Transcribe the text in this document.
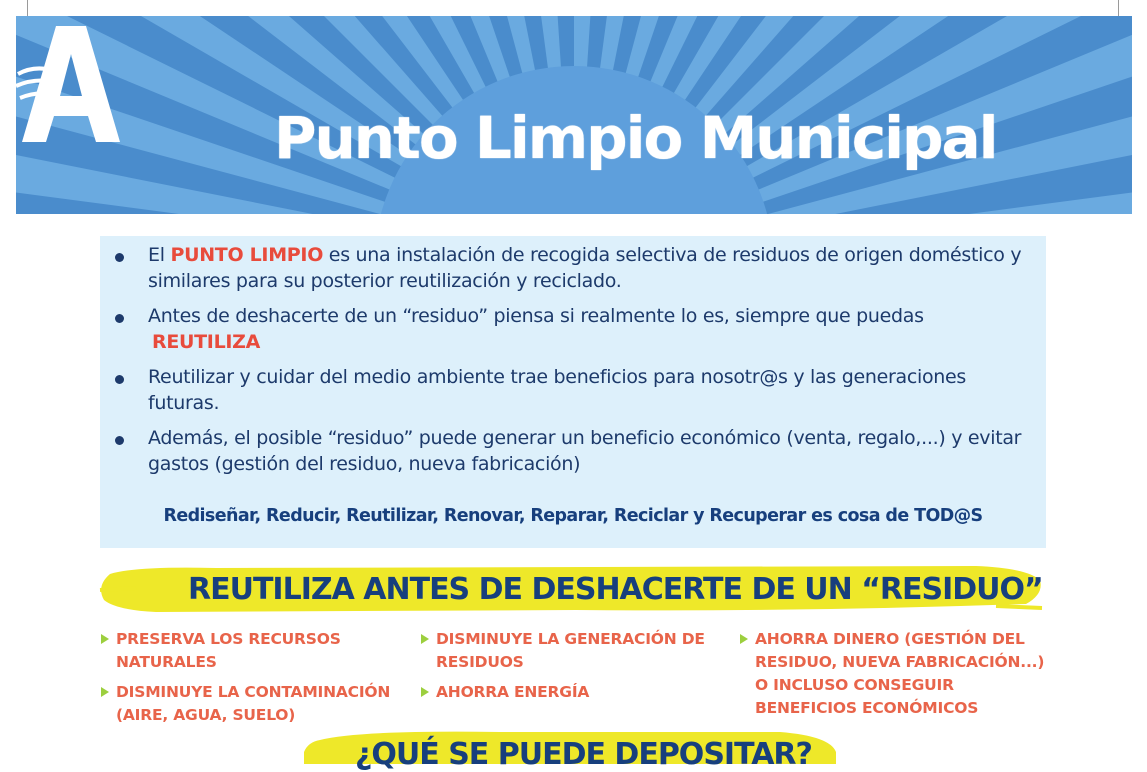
Punto Limpio Municipal
El PUNTO LIMPIO es una instalación de recogida selectiva de residuos de origen doméstico y similares para su posterior reutilización y reciclado.
Antes de deshacerte de un “residuo” piensa si realmente lo es, siempre que puedas REUTILIZA
Reutilizar y cuidar del medio ambiente trae beneficios para nosotr@s y las generaciones futuras.
Además, el posible “residuo” puede generar un beneficio económico (venta, regalo,...) y evitar gastos (gestión del residuo, nueva fabricación)
Rediseñar, Reducir, Reutilizar, Renovar, Reparar, Reciclar y Recuperar es cosa de TOD@S
REUTILIZA ANTES DE DESHACERTE DE UN “RESIDUO”
PRESERVA LOS RECURSOS NATURALES
DISMINUYE LA CONTAMINACIÓN (AIRE, AGUA, SUELO)
DISMINUYE LA GENERACIÓN DE RESIDUOS
AHORRA ENERGÍA
AHORRA DINERO (GESTIÓN DEL RESIDUO, NUEVA FABRICACIÓN...) O INCLUSO CONSEGUIR BENEFICIOS ECONÓMICOS
¿QUÉ SE PUEDE DEPOSITAR?
